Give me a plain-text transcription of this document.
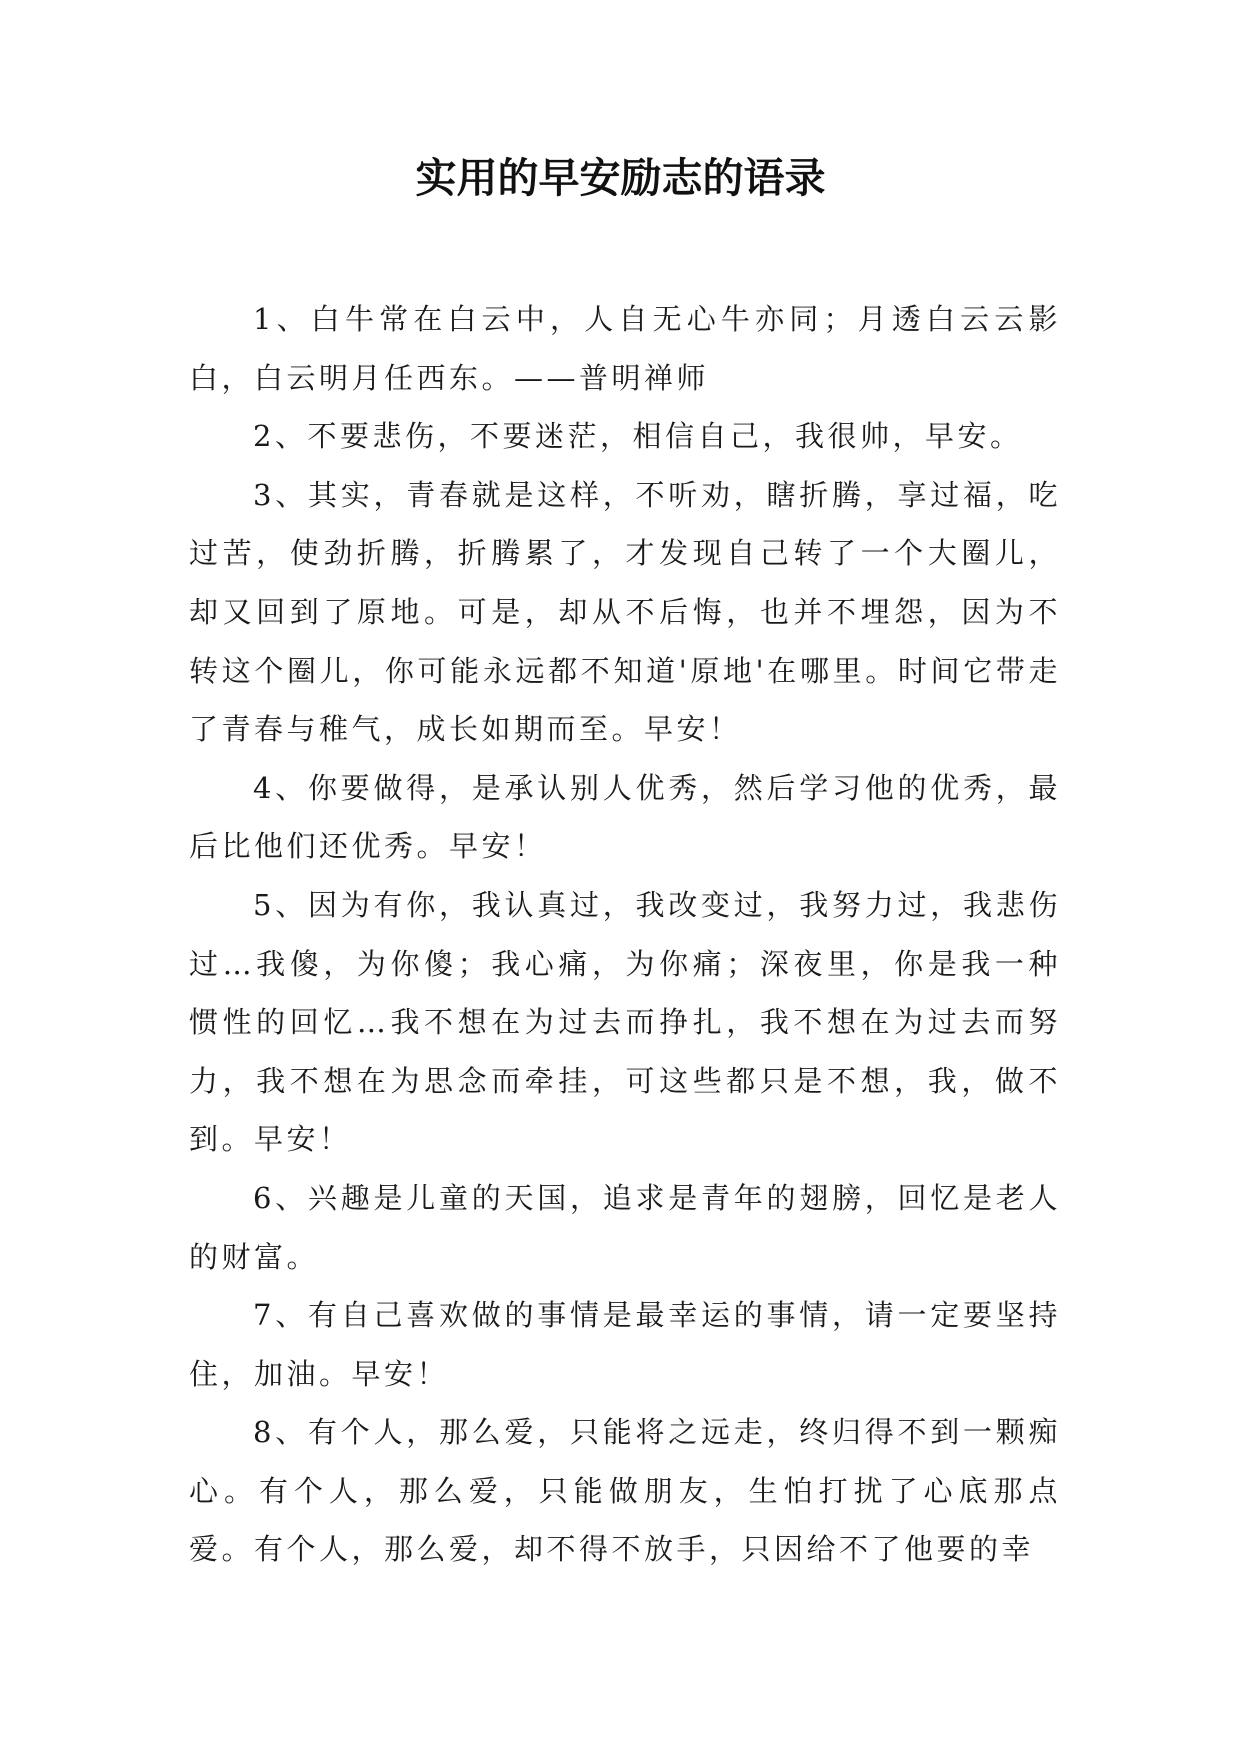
实用的早安励志的语录

1、白牛常在白云中，人自无心牛亦同；月透白云云影白，白云明月任西东。——普明禅师

2、不要悲伤，不要迷茫，相信自己，我很帅，早安。

3、其实，青春就是这样，不听劝，瞎折腾，享过福，吃过苦，使劲折腾，折腾累了，才发现自己转了一个大圈儿，却又回到了原地。可是，却从不后悔，也并不埋怨，因为不转这个圈儿，你可能永远都不知道'原地'在哪里。时间它带走了青春与稚气，成长如期而至。早安！

4、你要做得，是承认别人优秀，然后学习他的优秀，最后比他们还优秀。早安！

5、因为有你，我认真过，我改变过，我努力过，我悲伤过…我傻，为你傻；我心痛，为你痛；深夜里，你是我一种惯性的回忆…我不想在为过去而挣扎，我不想在为过去而努力，我不想在为思念而牵挂，可这些都只是不想，我，做不到。早安！

6、兴趣是儿童的天国，追求是青年的翅膀，回忆是老人的财富。

7、有自己喜欢做的事情是最幸运的事情，请一定要坚持住，加油。早安！

8、有个人，那么爱，只能将之远走，终归得不到一颗痴心。有个人，那么爱，只能做朋友，生怕打扰了心底那点爱。有个人，那么爱，却不得不放手，只因给不了他要的幸
